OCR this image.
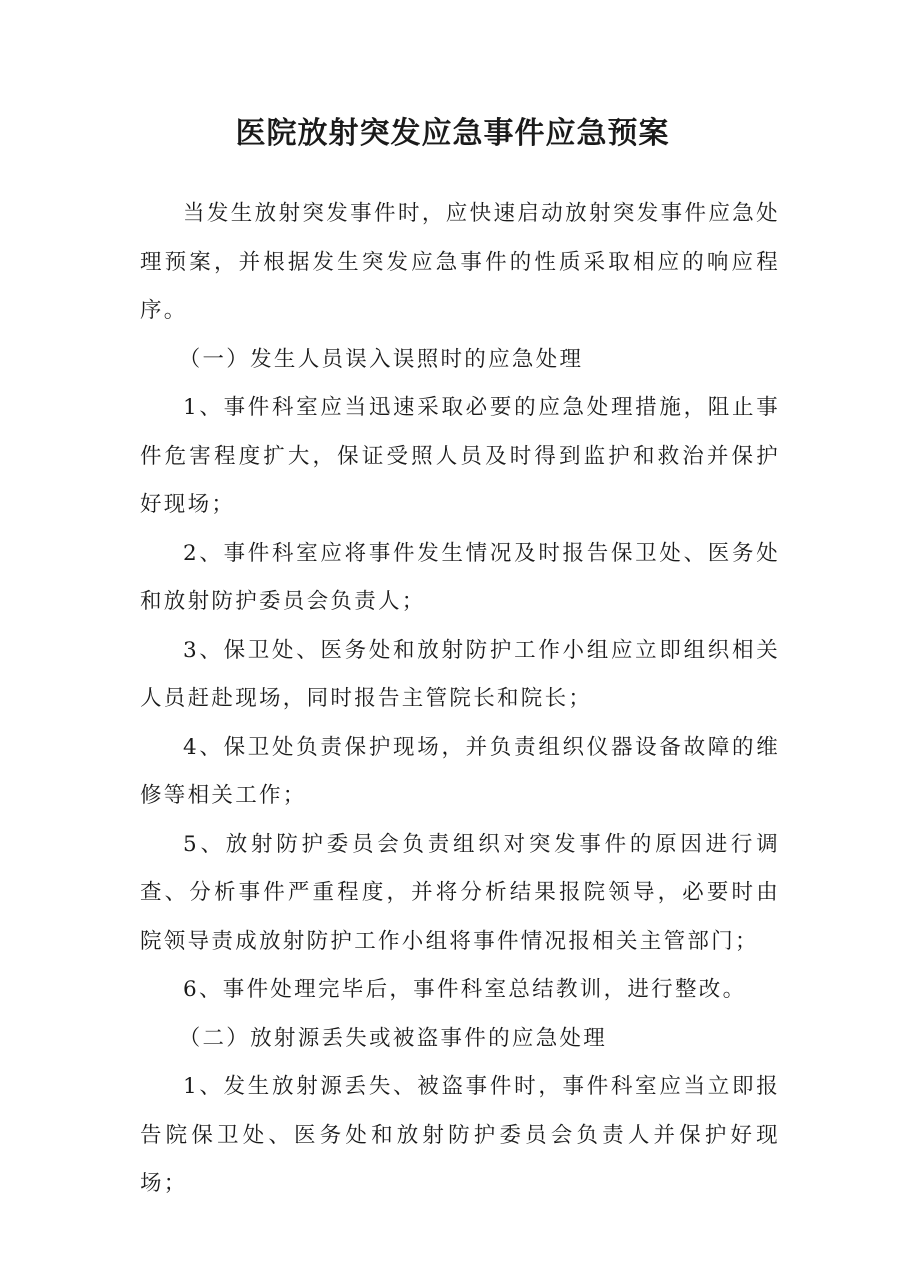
医院放射突发应急事件应急预案

当发生放射突发事件时，应快速启动放射突发事件应急处理预案，并根据发生突发应急事件的性质采取相应的响应程序。

（一）发生人员误入误照时的应急处理

1、事件科室应当迅速采取必要的应急处理措施，阻止事件危害程度扩大，保证受照人员及时得到监护和救治并保护好现场；

2、事件科室应将事件发生情况及时报告保卫处、医务处和放射防护委员会负责人；

3、保卫处、医务处和放射防护工作小组应立即组织相关人员赶赴现场，同时报告主管院长和院长；

4、保卫处负责保护现场，并负责组织仪器设备故障的维修等相关工作；

5、放射防护委员会负责组织对突发事件的原因进行调查、分析事件严重程度，并将分析结果报院领导，必要时由院领导责成放射防护工作小组将事件情况报相关主管部门；

6、事件处理完毕后，事件科室总结教训，进行整改。

（二）放射源丢失或被盗事件的应急处理

1、发生放射源丢失、被盗事件时，事件科室应当立即报告院保卫处、医务处和放射防护委员会负责人并保护好现场；
